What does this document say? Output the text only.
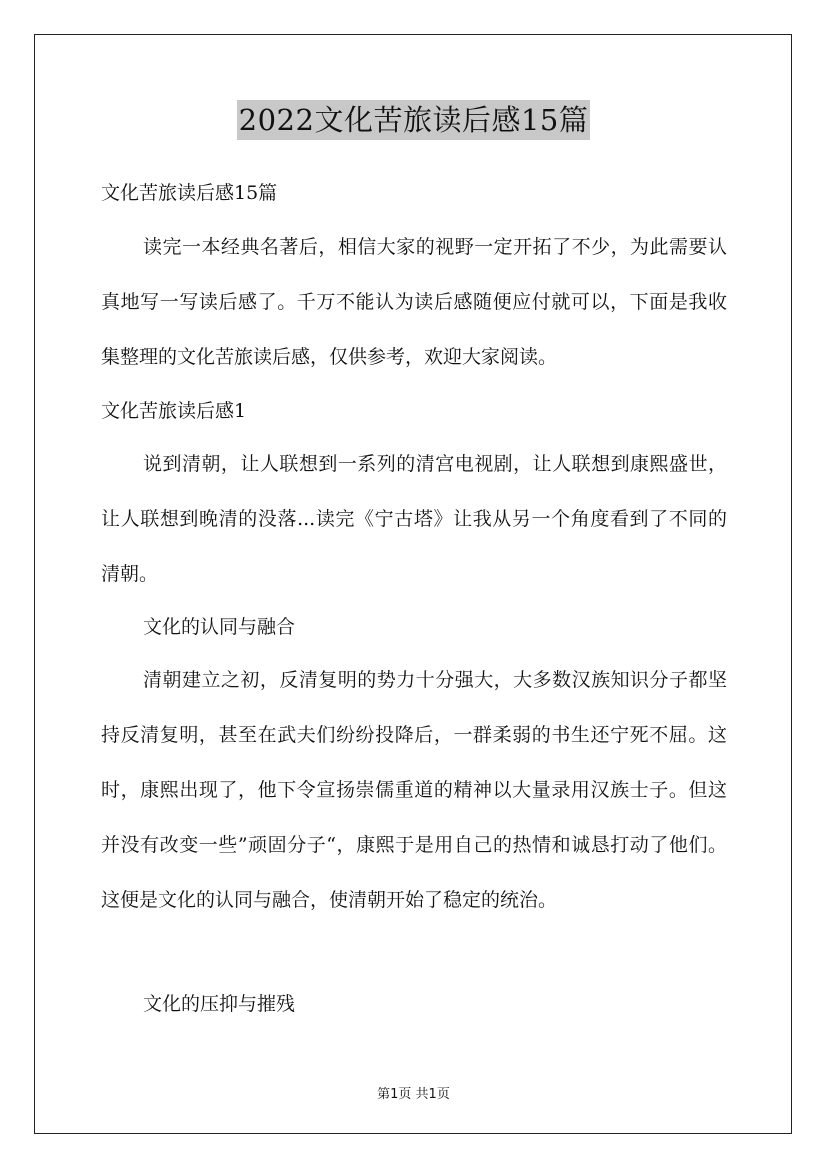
2022文化苦旅读后感15篇
文化苦旅读后感15篇
读完一本经典名著后，相信大家的视野一定开拓了不少，为此需要认真地写一写读后感了。千万不能认为读后感随便应付就可以，下面是我收集整理的文化苦旅读后感，仅供参考，欢迎大家阅读。
文化苦旅读后感1
说到清朝，让人联想到一系列的清宫电视剧，让人联想到康熙盛世，让人联想到晚清的没落...读完《宁古塔》让我从另一个角度看到了不同的清朝。
文化的认同与融合
清朝建立之初，反清复明的势力十分强大，大多数汉族知识分子都坚持反清复明，甚至在武夫们纷纷投降后，一群柔弱的书生还宁死不屈。这时，康熙出现了，他下令宣扬崇儒重道的精神以大量录用汉族士子。但这并没有改变一些”顽固分子“，康熙于是用自己的热情和诚恳打动了他们。这便是文化的认同与融合，使清朝开始了稳定的统治。
文化的压抑与摧残
第1页 共1页
